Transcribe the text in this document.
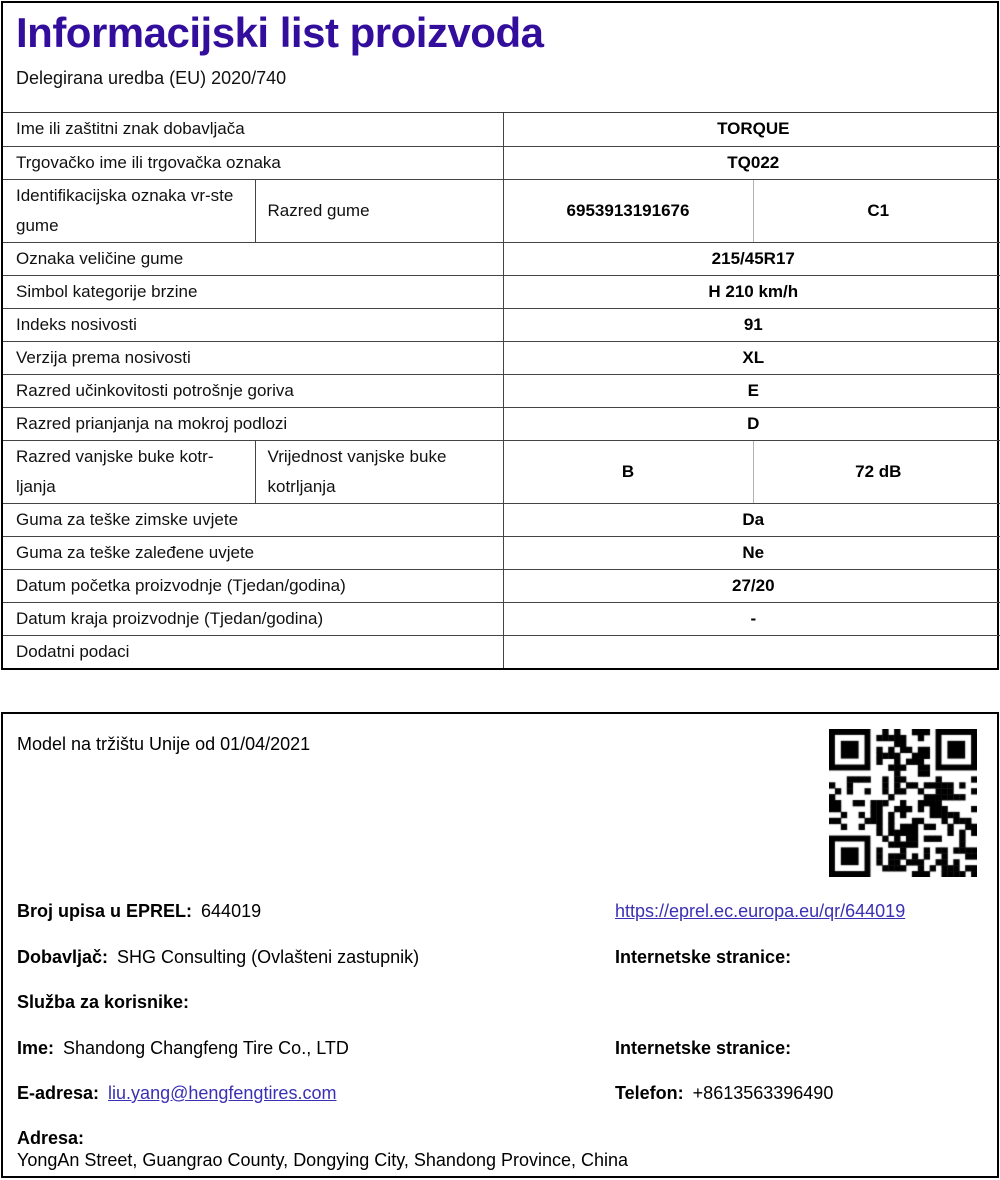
Informacijski list proizvoda
Delegirana uredba (EU) 2020/740
Ime ili zaštitni znak dobavljača		TORQUE	
Trgovačko ime ili trgovačka oznaka		TQ022	
Identifikacijska oznaka vr-ste gume	Razred gume	6953913191676	C1
Oznaka veličine gume		215/45R17	
Simbol kategorije brzine		H 210 km/h	
Indeks nosivosti		91	
Verzija prema nosivosti		XL	
Razred učinkovitosti potrošnje goriva		E	
Razred prianjanja na mokroj podlozi		D	
Razred vanjske buke kotr-ljanja	Vrijednost vanjske buke kotrljanja	B	72 dB
Guma za teške zimske uvjete		Da	
Guma za teške zaleđene uvjete		Ne	
Datum početka proizvodnje (Tjedan/godina)		27/20	
Datum kraja proizvodnje (Tjedan/godina)		-	
Dodatni podaci			
Model na tržištu Unije od 01/04/2021
Broj upisa u EPREL: 644019	https://eprel.ec.europa.eu/qr/644019
Dobavljač: SHG Consulting (Ovlašteni zastupnik)	Internetske stranice:
Služba za korisnike:
Ime: Shandong Changfeng Tire Co., LTD	Internetske stranice:
E-adresa: liu.yang@hengfengtires.com	Telefon: +8613563396490
Adresa:
YongAn Street, Guangrao County, Dongying City, Shandong Province, China
